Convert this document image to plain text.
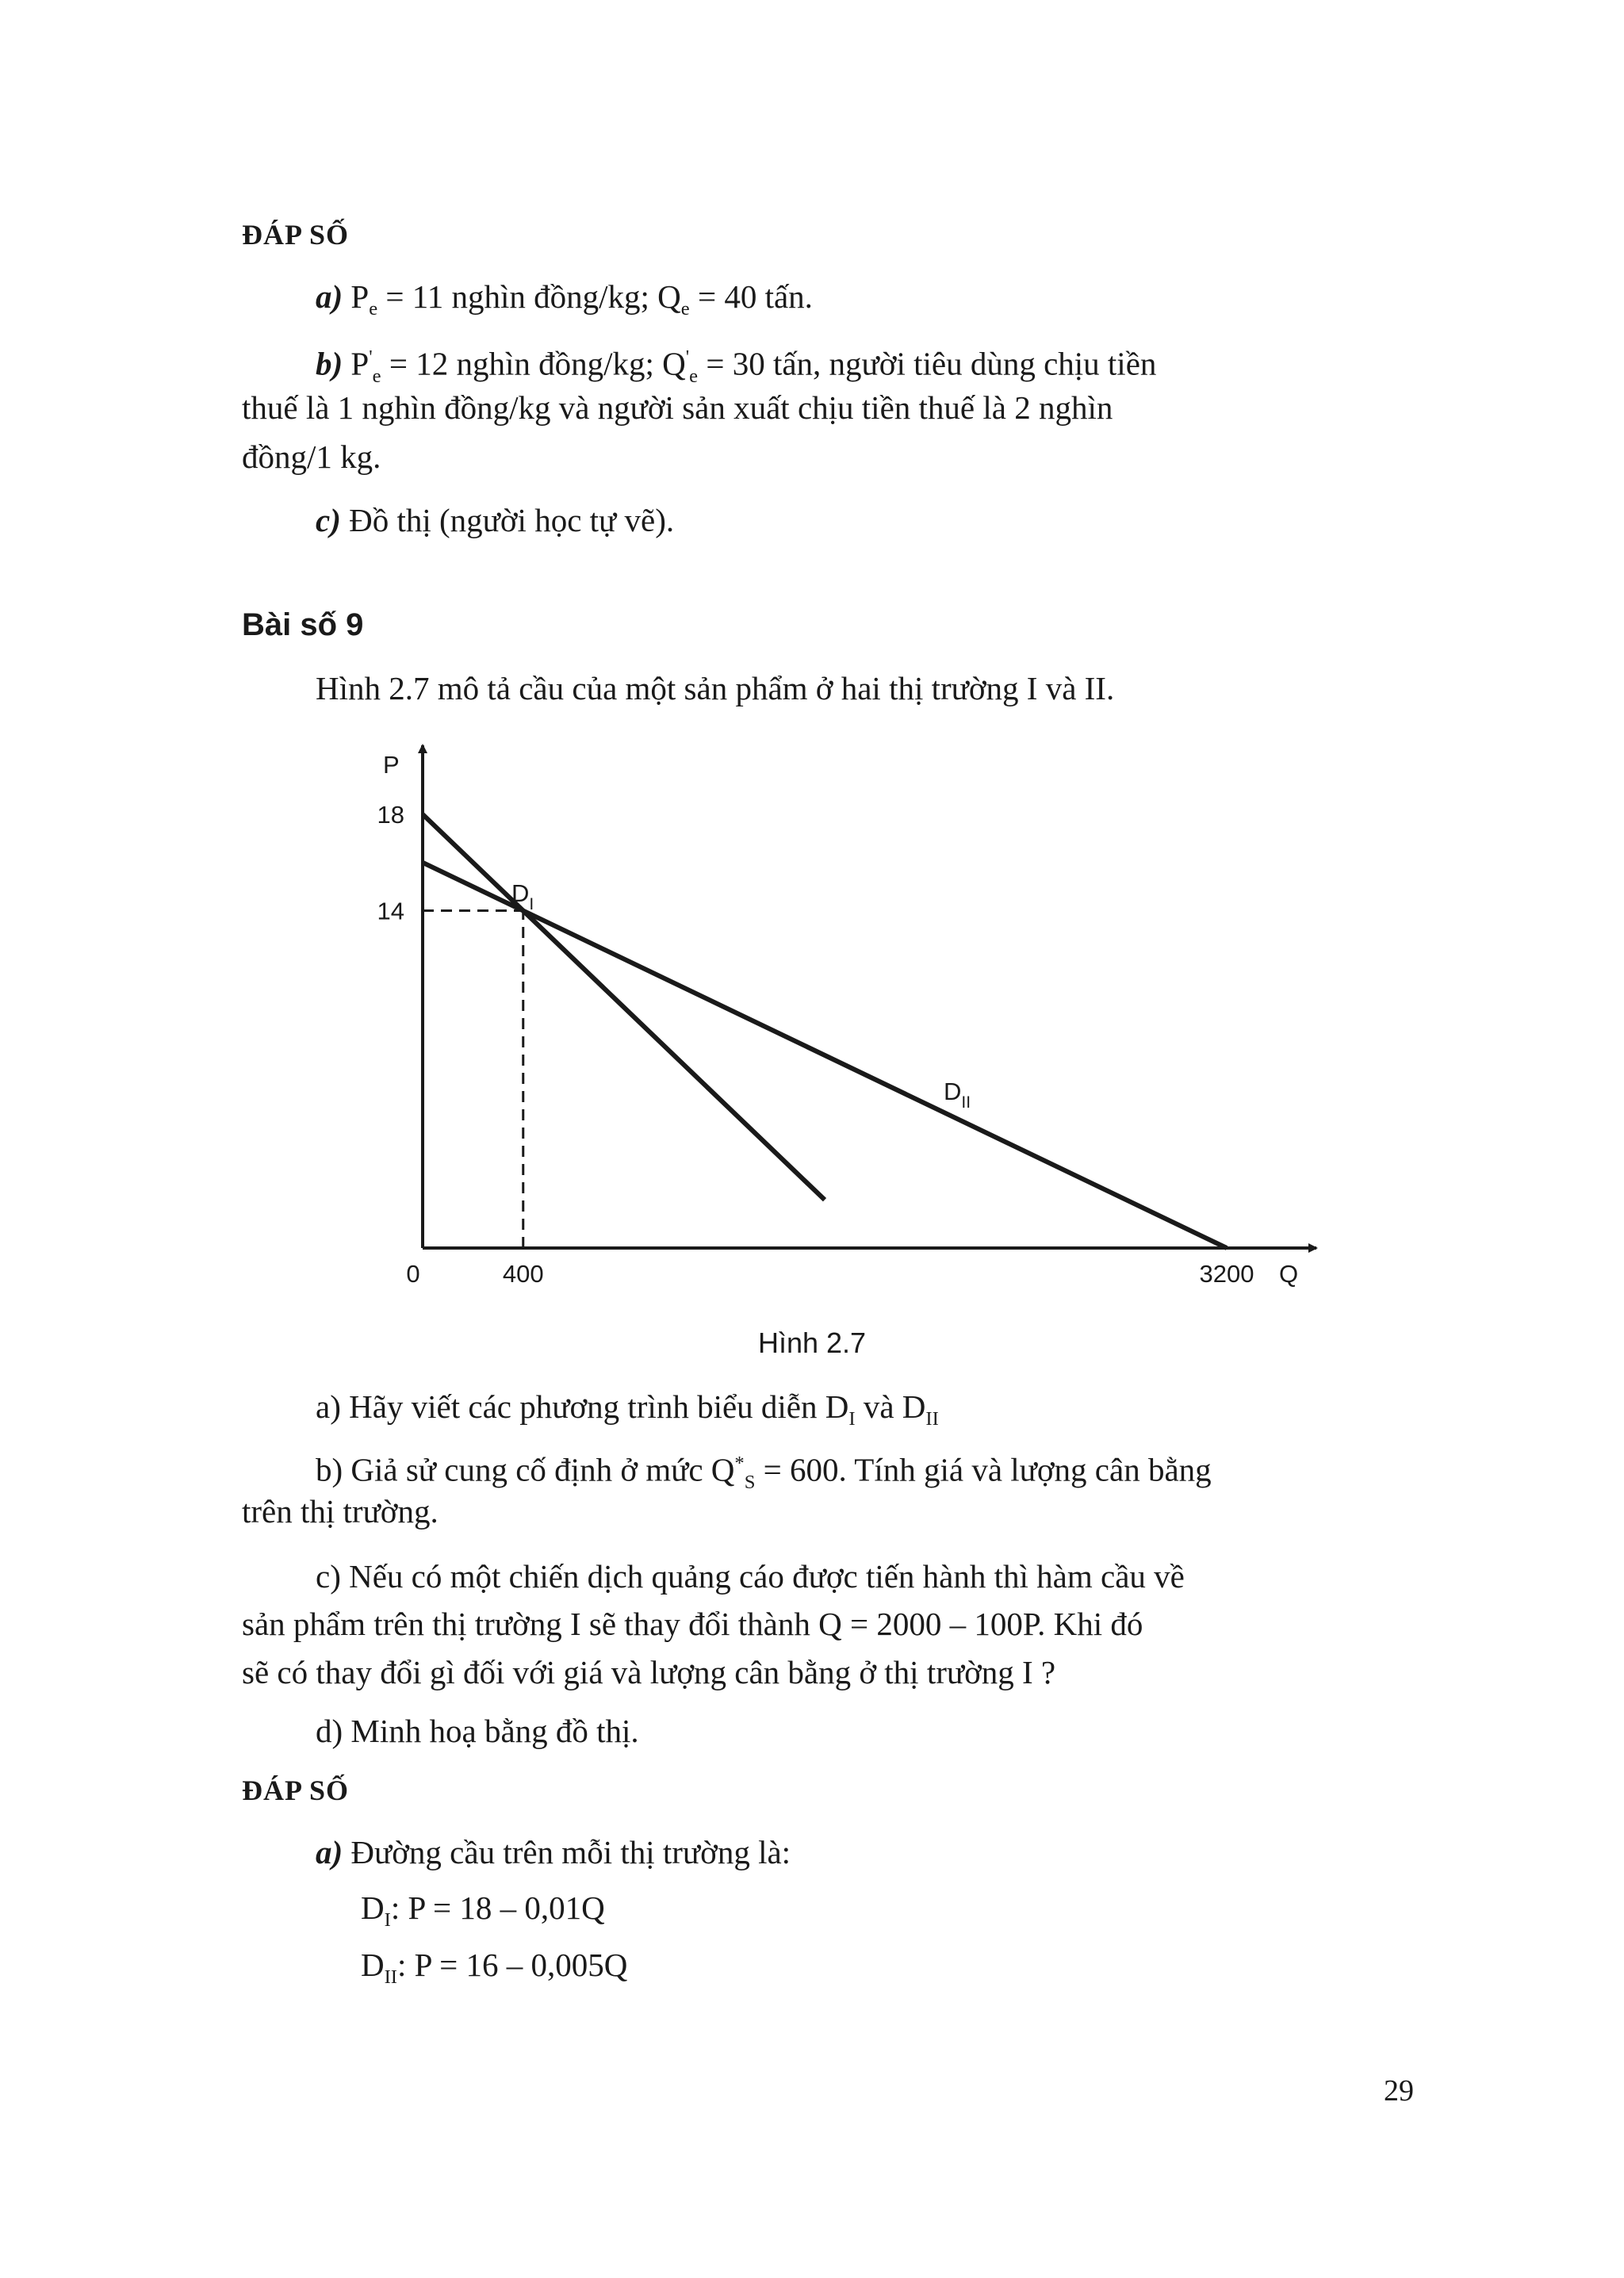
ĐÁP SỐ
a) $P_e = 11$ nghìn đồng/kg; $Q_e = 40$ tấn.
b) $P'_e = 12$ nghìn đồng/kg; $Q'_e = 30$ tấn, người tiêu dùng chịu tiền
thuế là 1 nghìn đồng/kg và người sản xuất chịu tiền thuế là 2 nghìn
đồng/1 kg.
c) Đồ thị (người học tự vẽ).
Bài số 9
Hình 2.7 mô tả cầu của một sản phẩm ở hai thị trường I và II.
P
Q
0	400	3200
18
14
$D_I$
$D_{II}$
Hình 2.7
a) Hãy viết các phương trình biểu diễn $D_I$ và $D_{II}$
b) Giả sử cung cố định ở mức $Q^*_S = 600$. Tính giá và lượng cân bằng
trên thị trường.
c) Nếu có một chiến dịch quảng cáo được tiến hành thì hàm cầu về
sản phẩm trên thị trường I sẽ thay đổi thành Q = 2000 – 100P. Khi đó
sẽ có thay đổi gì đối với giá và lượng cân bằng ở thị trường I ?
d) Minh hoạ bằng đồ thị.
ĐÁP SỐ
a) Đường cầu trên mỗi thị trường là:
$D_I$: P = 18 – 0,01Q
$D_{II}$: P = 16 – 0,005Q
29
